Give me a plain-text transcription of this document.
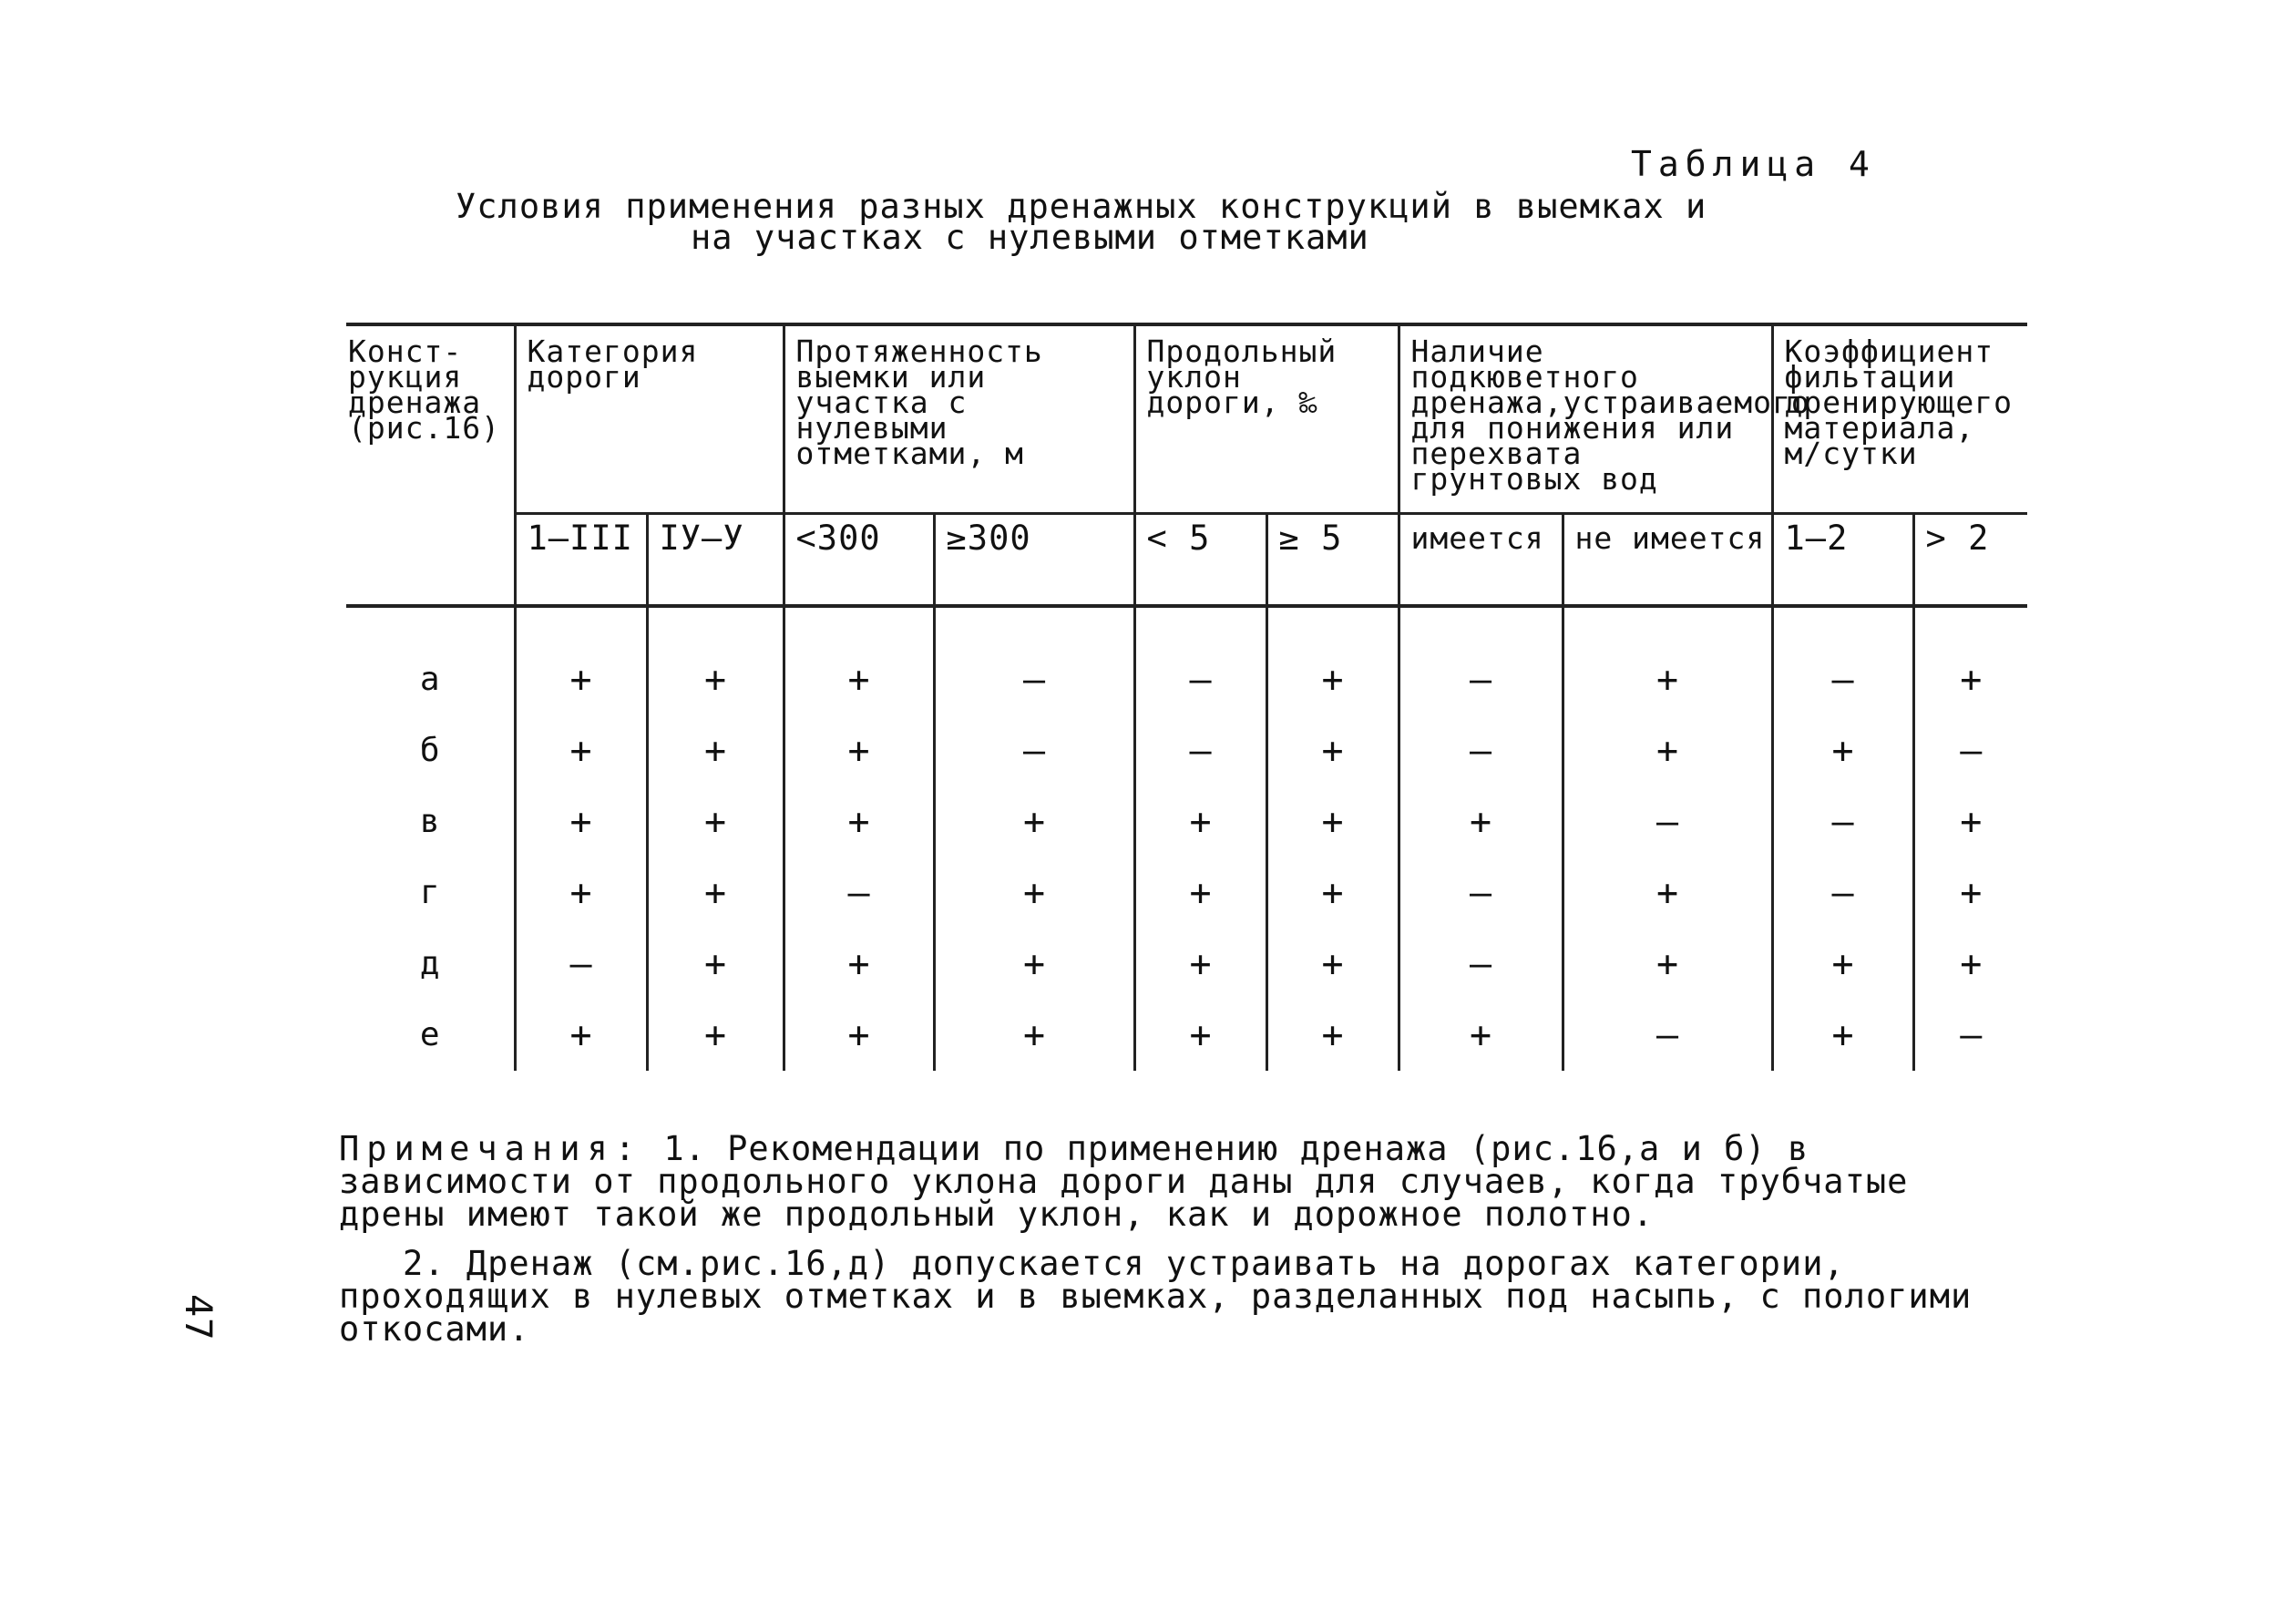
Таблица 4
Условия применения разных дренажных конструкций в выемках и
на участках с нулевыми отметками
Конст-рукция дренажа (рис.16)	Категория дороги		Протяженность выемки или участка с нулевыми отметками, м		Продольный уклон дороги, ‰		Наличие подкюветного дренажа,устраиваемого для понижения или перехвата грунтовых вод		Коэффициент фильтации дренирующего материала, м/сутки	
	1–III	IУ–У	<300	≥300	< 5	≥ 5	имеется	не имеется	1–2	> 2
а	+	+	+	–	–	+	–	+	–	+
б	+	+	+	–	–	+	–	+	+	–
в	+	+	+	+	+	+	+	–	–	+
г	+	+	–	+	+	+	–	+	–	+
д	–	+	+	+	+	+	–	+	+	+
е	+	+	+	+	+	+	+	–	+	–

Примечания: 1. Рекомендации по применению дренажа (рис.16,а и б) в зависимости от продольного уклона дороги даны для случаев, когда трубчатые дрены имеют такой же продольный уклон, как и дорожное полотно.

2. Дренаж (см.рис.16,д) допускается устраивать на дорогах категории, проходящих в нулевых отметках и в выемках, разделанных под насыпь, с пологими откосами.

47
